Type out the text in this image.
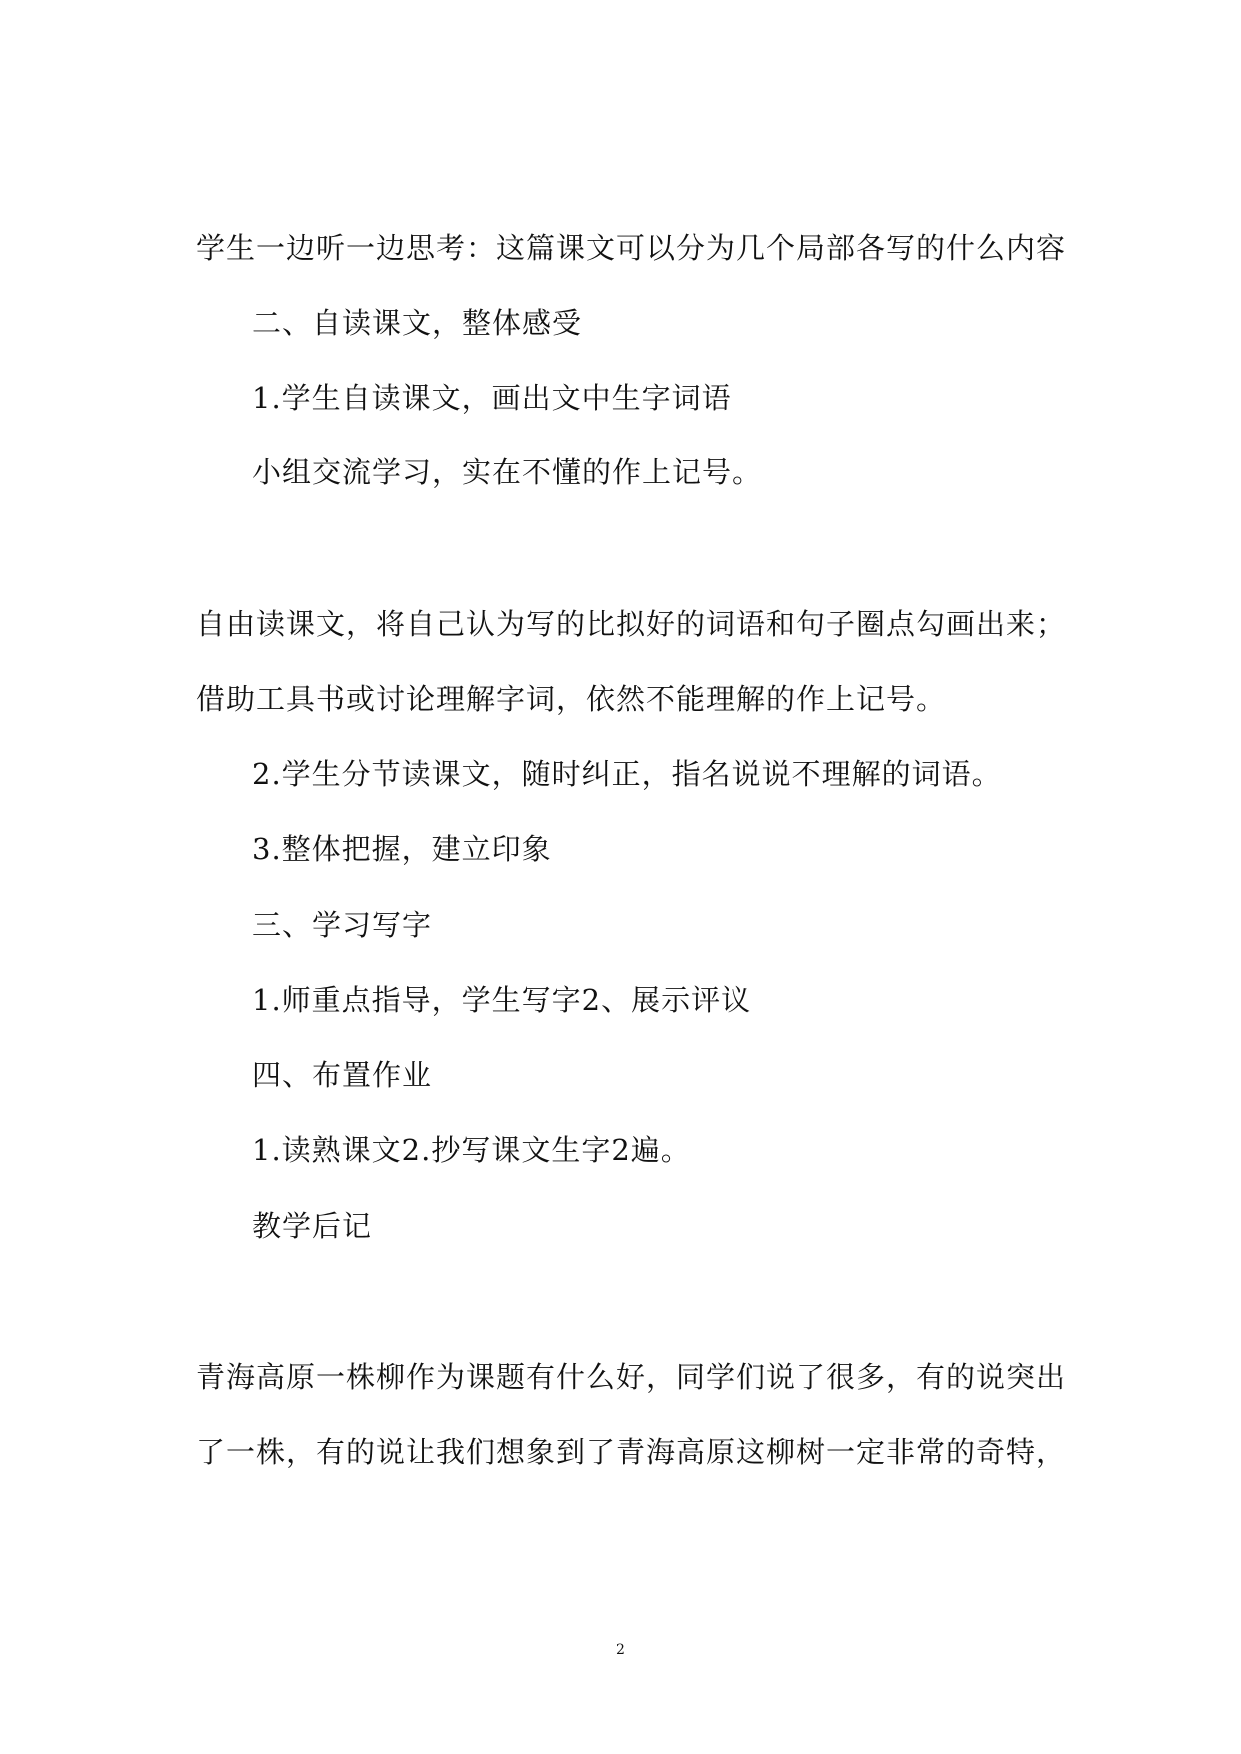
学生一边听一边思考：这篇课文可以分为几个局部各写的什么内容
二、自读课文，整体感受
1.学生自读课文，画出文中生字词语
小组交流学习，实在不懂的作上记号。
自由读课文，将自己认为写的比拟好的词语和句子圈点勾画出来；
借助工具书或讨论理解字词，依然不能理解的作上记号。
2.学生分节读课文，随时纠正，指名说说不理解的词语。
3.整体把握，建立印象
三、学习写字
1.师重点指导，学生写字2、展示评议
四、布置作业
1.读熟课文2.抄写课文生字2遍。
教学后记
青海高原一株柳作为课题有什么好，同学们说了很多，有的说突出
了一株，有的说让我们想象到了青海高原这柳树一定非常的奇特，
2
